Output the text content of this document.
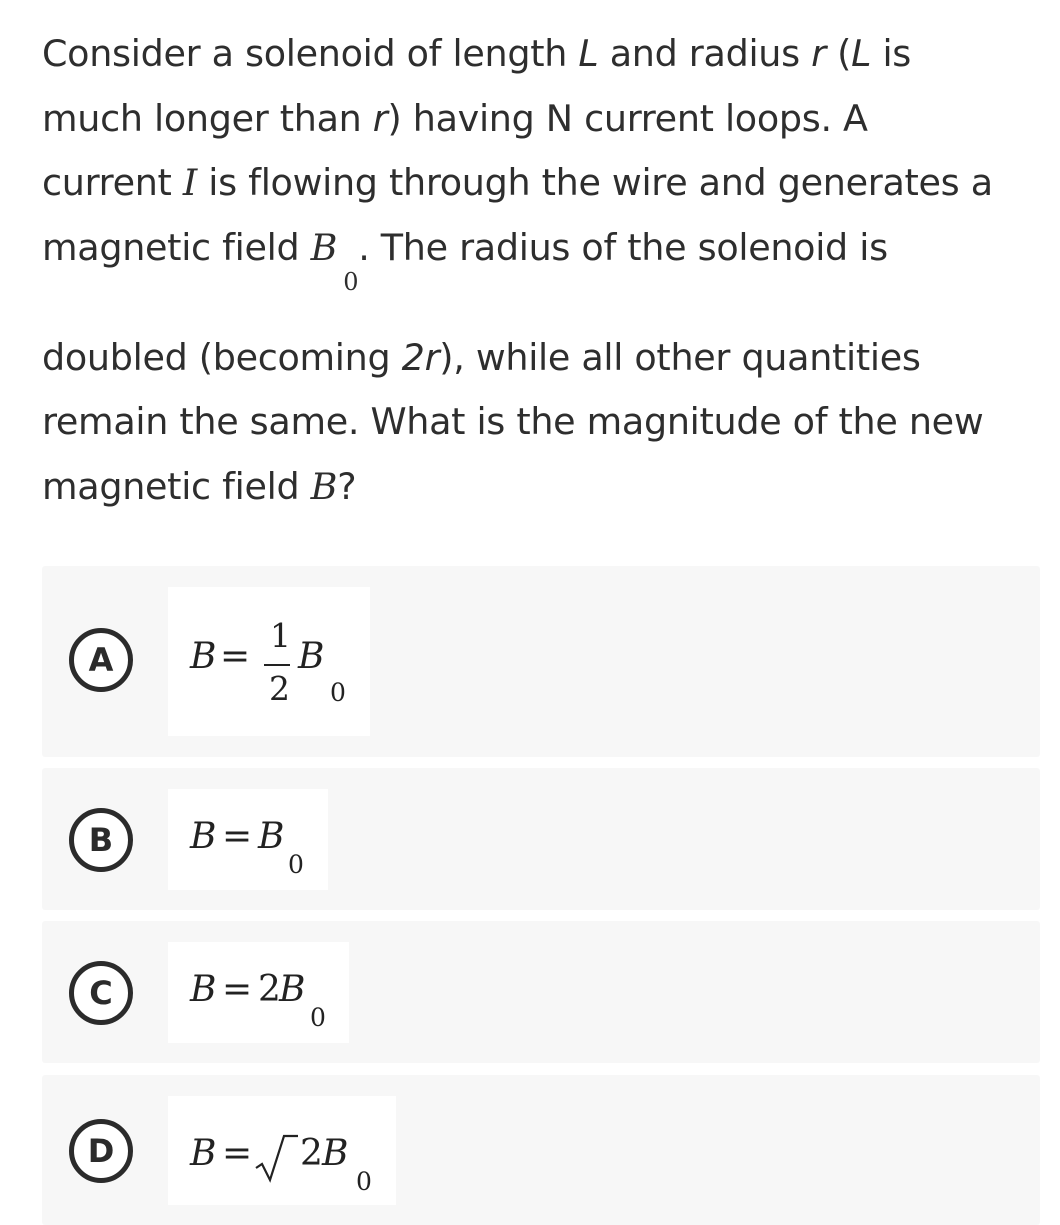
Consider a solenoid of length L and radius r (L is
much longer than r) having N current loops. A
current I is flowing through the wire and generates a
magnetic field $B_0$. The radius of the solenoid is
doubled (becoming 2r), while all other quantities
remain the same. What is the magnitude of the new
magnetic field B?
A	B =
1
2
B
0
B	B = B
0
C	B = 2
B
0
D	B = 2 B
0
